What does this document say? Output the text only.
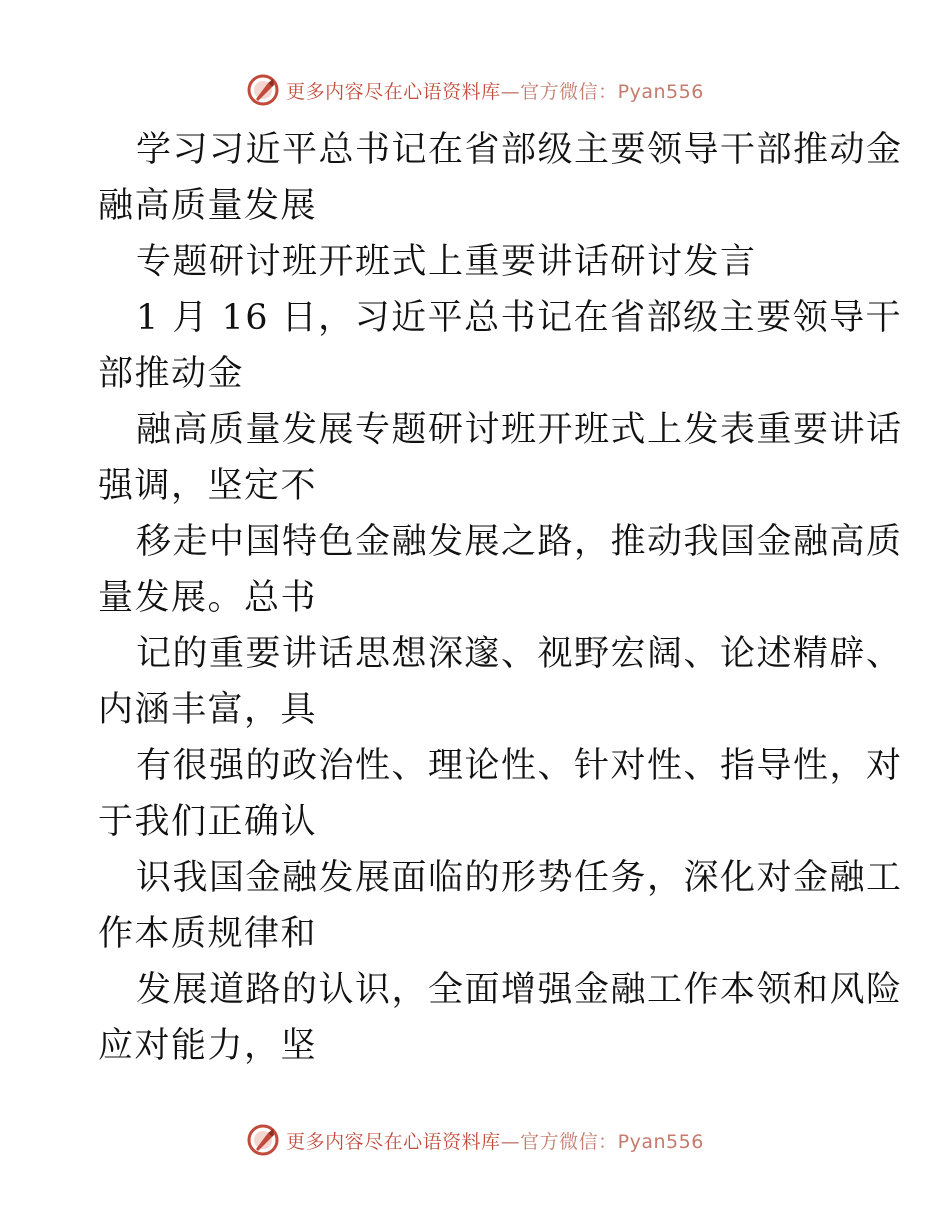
更多内容尽在心语资料库—官方微信：Pyan556

学习习近平总书记在省部级主要领导干部推动金
融高质量发展

专题研讨班开班式上重要讲话研讨发言

1 月 16 日，习近平总书记在省部级主要领导干
部推动金

融高质量发展专题研讨班开班式上发表重要讲话
强调，坚定不

移走中国特色金融发展之路，推动我国金融高质
量发展。总书

记的重要讲话思想深邃、视野宏阔、论述精辟、
内涵丰富，具

有很强的政治性、理论性、针对性、指导性，对
于我们正确认

识我国金融发展面临的形势任务，深化对金融工
作本质规律和

发展道路的认识，全面增强金融工作本领和风险
应对能力，坚

更多内容尽在心语资料库—官方微信：Pyan556
